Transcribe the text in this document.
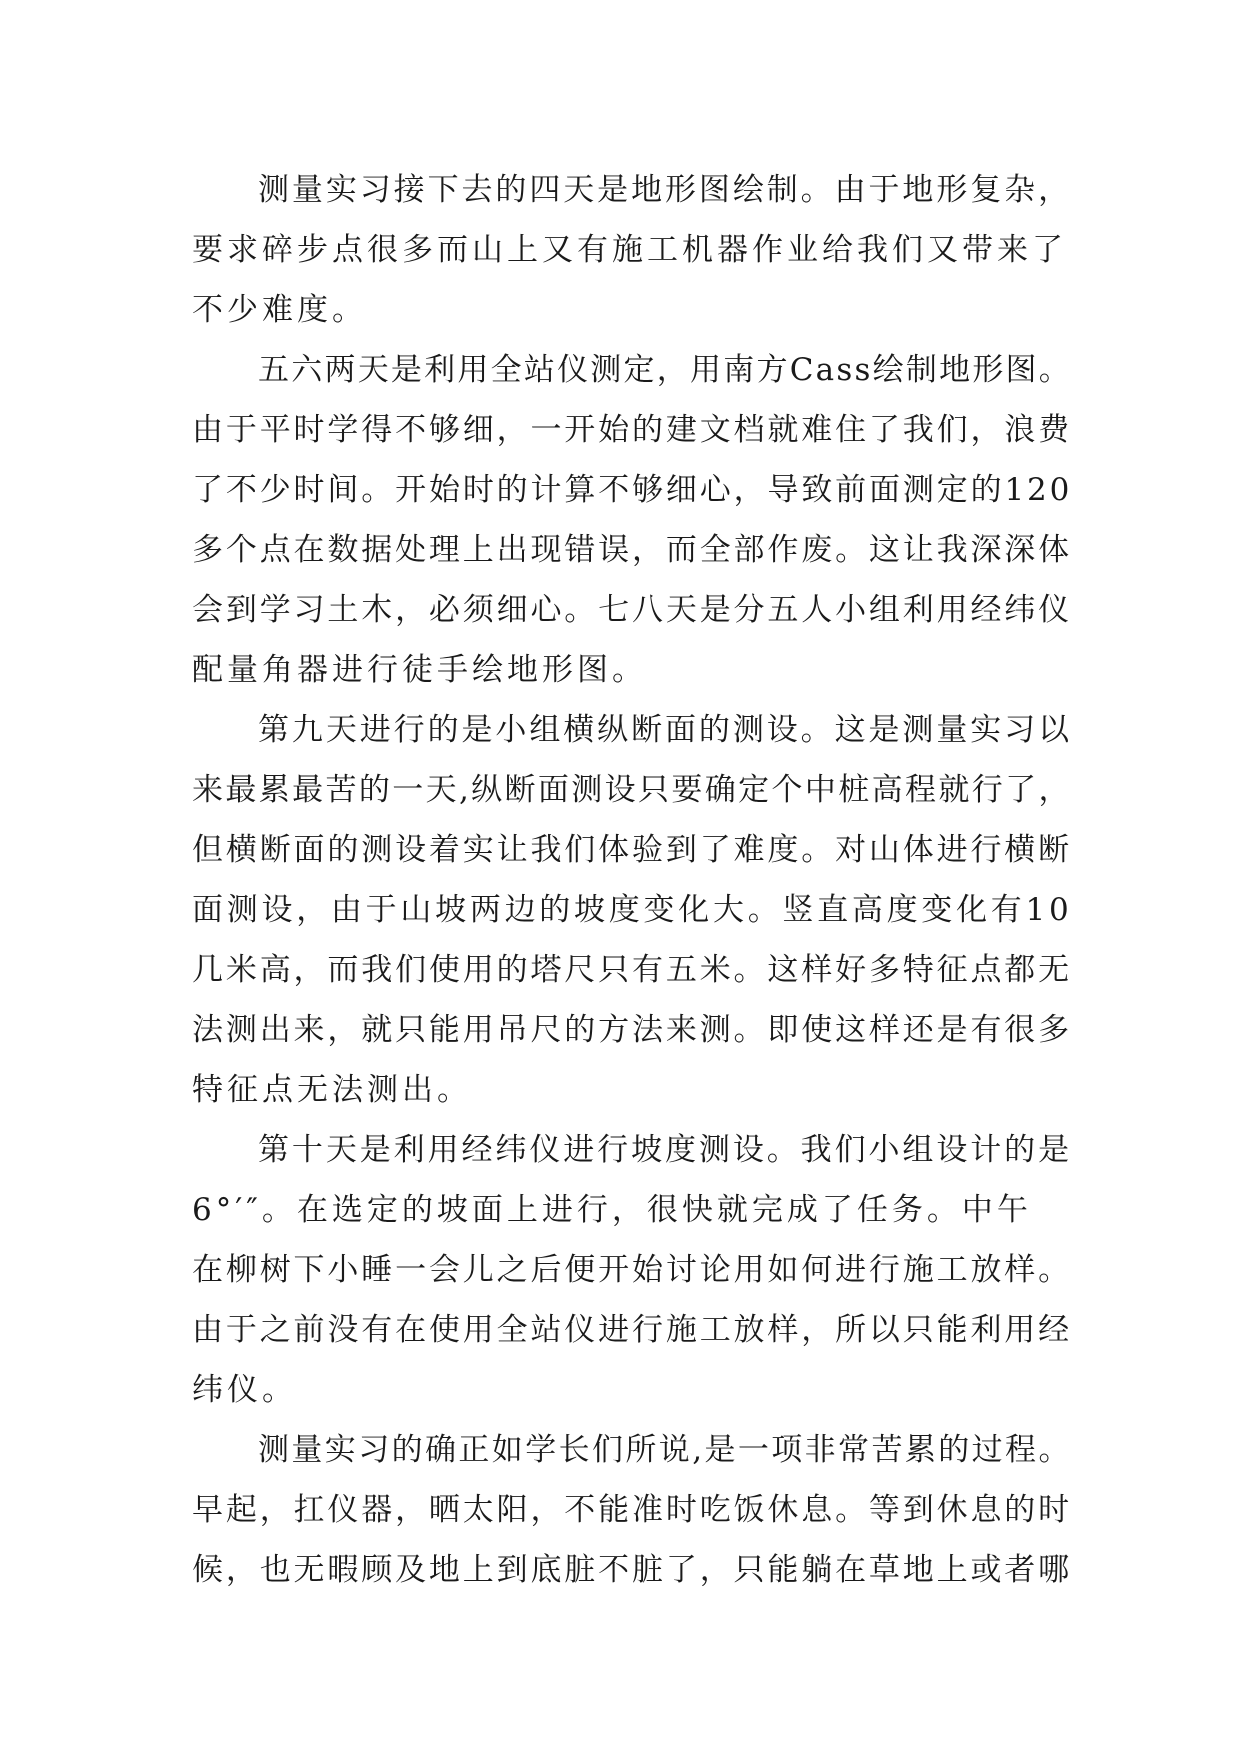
测量实习接下去的四天是地形图绘制。由于地形复杂，
要求碎步点很多而山上又有施工机器作业给我们又带来了
不少难度。
五六两天是利用全站仪测定，用南方Cass绘制地形图。
由于平时学得不够细，一开始的建文档就难住了我们，浪费
了不少时间。开始时的计算不够细心，导致前面测定的120
多个点在数据处理上出现错误，而全部作废。这让我深深体
会到学习土木，必须细心。七八天是分五人小组利用经纬仪
配量角器进行徒手绘地形图。
第九天进行的是小组横纵断面的测设。这是测量实习以
来最累最苦的一天,纵断面测设只要确定个中桩高程就行了，
但横断面的测设着实让我们体验到了难度。对山体进行横断
面测设，由于山坡两边的坡度变化大。竖直高度变化有10
几米高，而我们使用的塔尺只有五米。这样好多特征点都无
法测出来，就只能用吊尺的方法来测。即使这样还是有很多
特征点无法测出。
第十天是利用经纬仪进行坡度测设。我们小组设计的是
6°′″。在选定的坡面上进行，很快就完成了任务。中午
在柳树下小睡一会儿之后便开始讨论用如何进行施工放样。
由于之前没有在使用全站仪进行施工放样，所以只能利用经
纬仪。
测量实习的确正如学长们所说,是一项非常苦累的过程。
早起，扛仪器，晒太阳，不能准时吃饭休息。等到休息的时
候，也无暇顾及地上到底脏不脏了，只能躺在草地上或者哪
